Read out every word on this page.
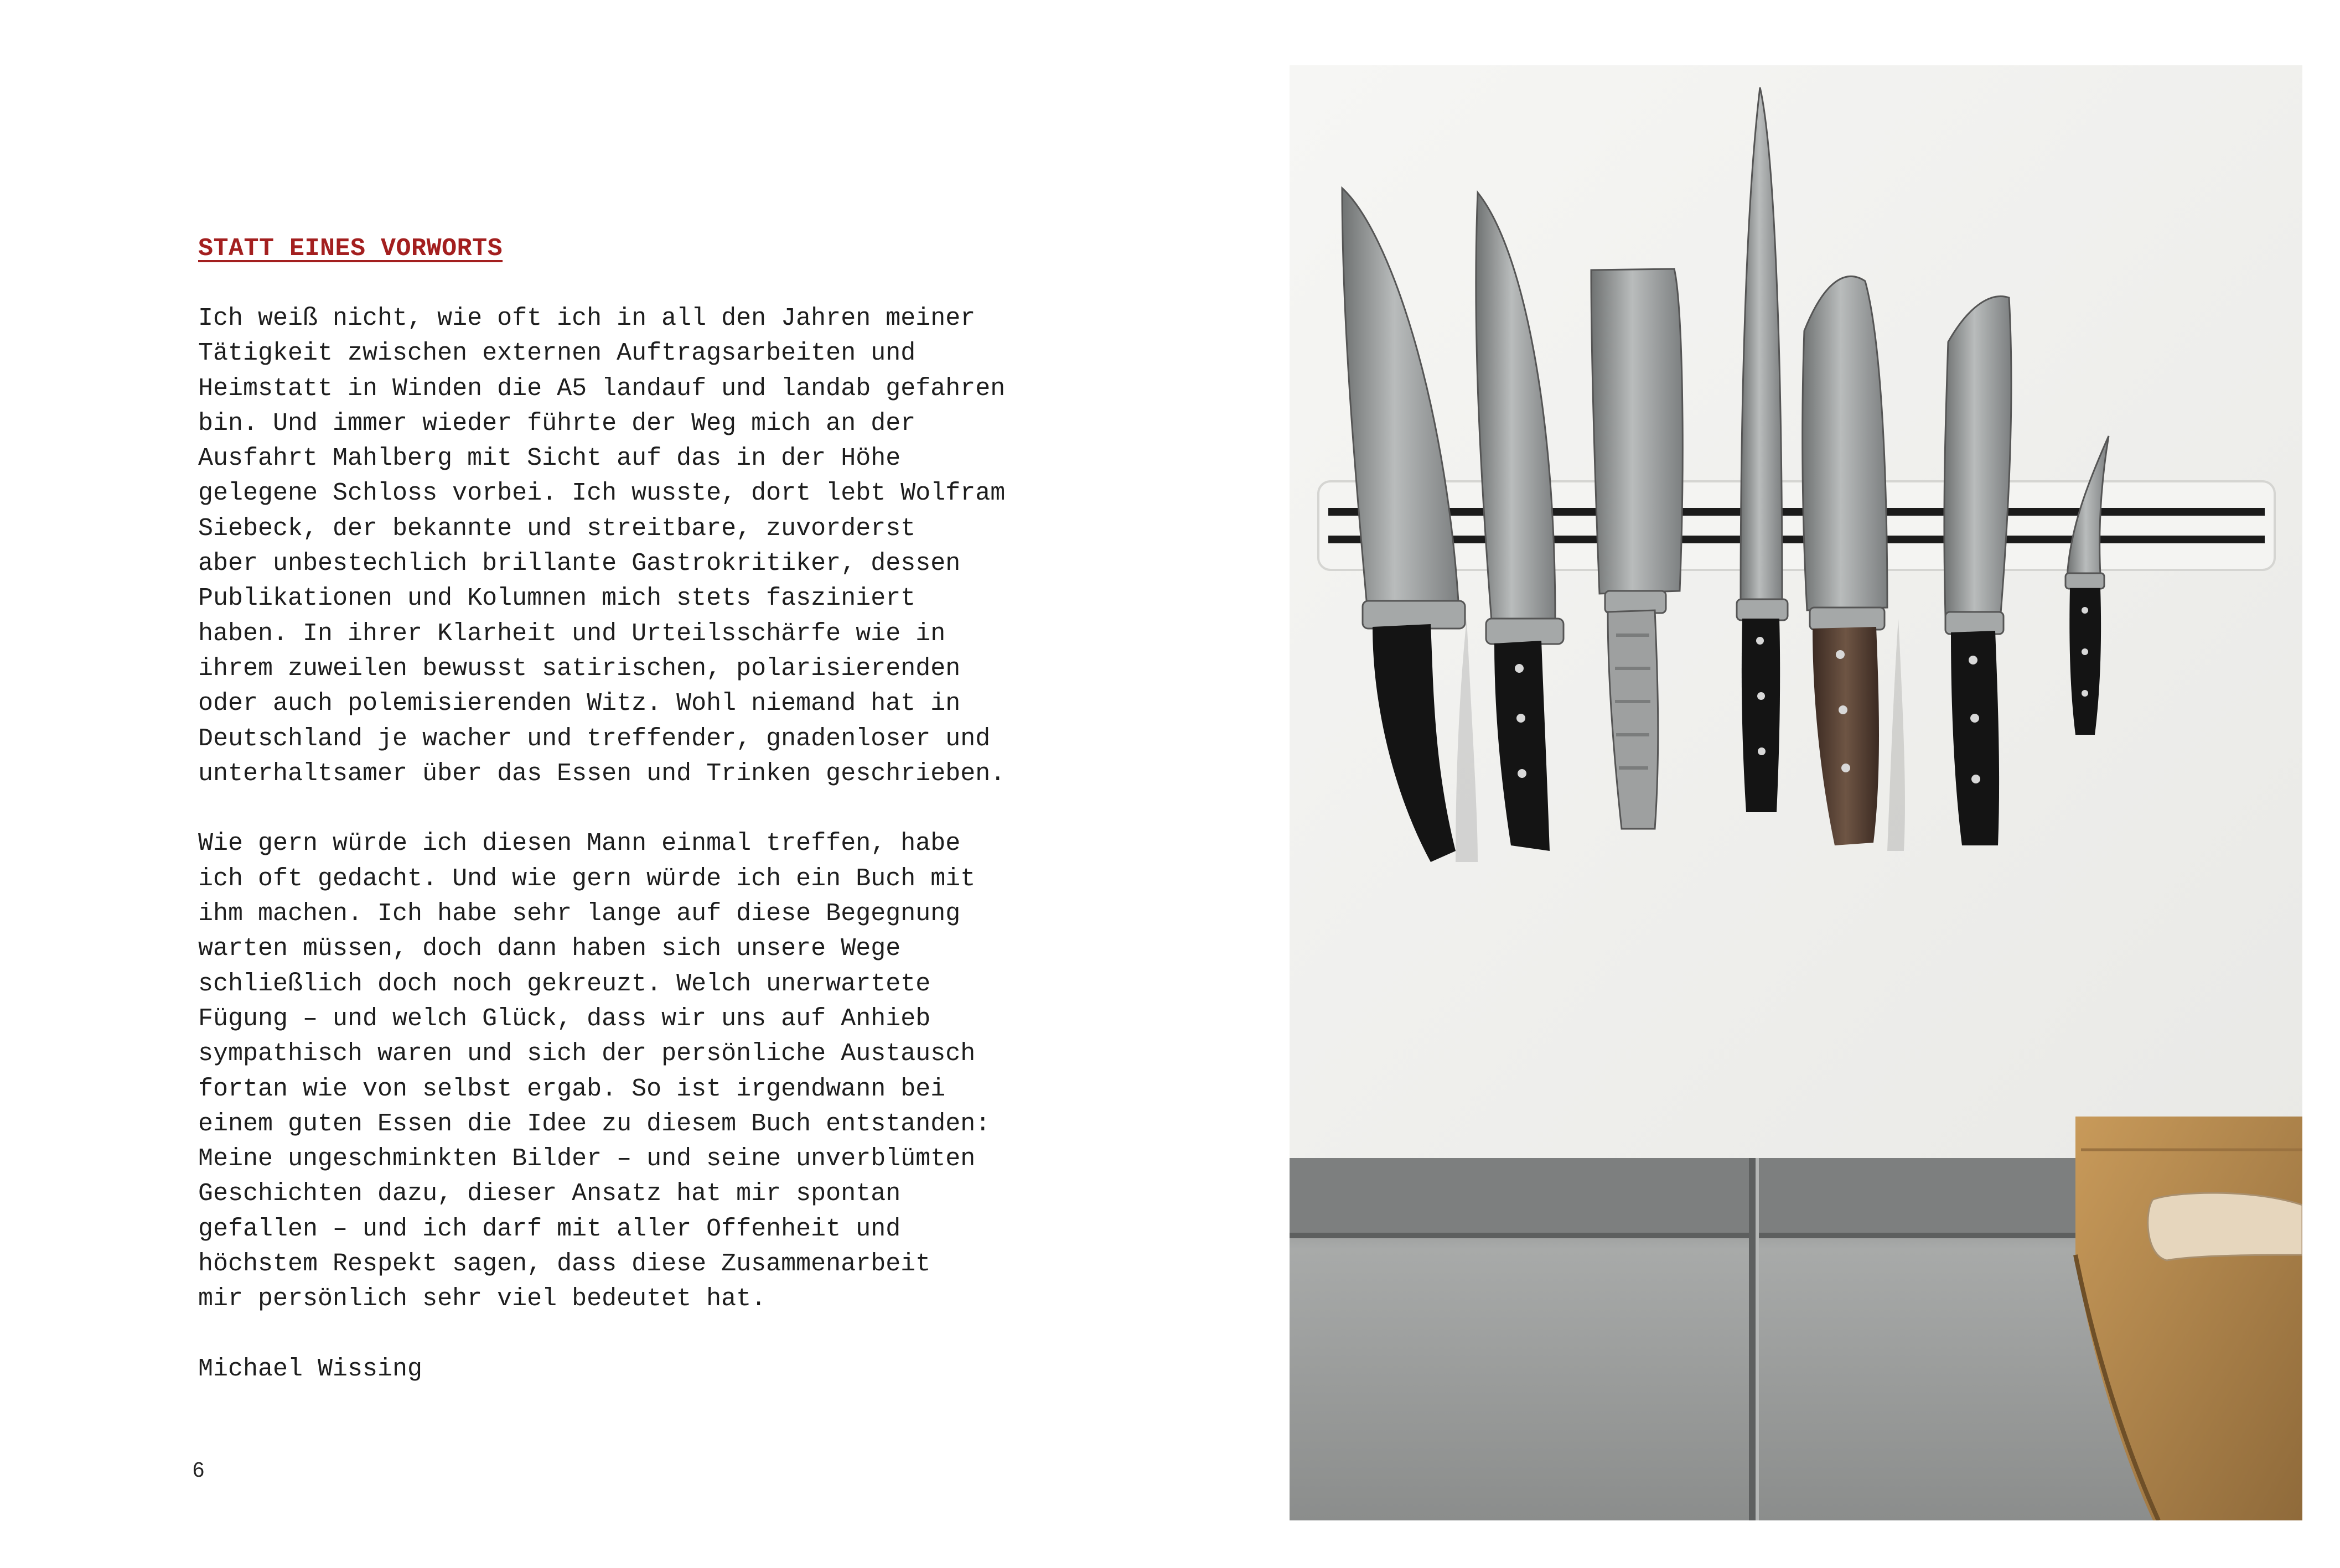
STATT EINES VORWORTS
Ich weiß nicht, wie oft ich in all den Jahren meiner
Tätigkeit zwischen externen Auftragsarbeiten und
Heimstatt in Winden die A5 landauf und landab gefahren
bin. Und immer wieder führte der Weg mich an der
Ausfahrt Mahlberg mit Sicht auf das in der Höhe
gelegene Schloss vorbei. Ich wusste, dort lebt Wolfram
Siebeck, der bekannte und streitbare, zuvorderst
aber unbestechlich brillante Gastrokritiker, dessen
Publikationen und Kolumnen mich stets fasziniert
haben. In ihrer Klarheit und Urteilsschärfe wie in
ihrem zuweilen bewusst satirischen, polarisierenden
oder auch polemisierenden Witz. Wohl niemand hat in
Deutschland je wacher und treffender, gnadenloser und
unterhaltsamer über das Essen und Trinken geschrieben.
Wie gern würde ich diesen Mann einmal treffen, habe
ich oft gedacht. Und wie gern würde ich ein Buch mit
ihm machen. Ich habe sehr lange auf diese Begegnung
warten müssen, doch dann haben sich unsere Wege
schließlich doch noch gekreuzt. Welch unerwartete
Fügung – und welch Glück, dass wir uns auf Anhieb
sympathisch waren und sich der persönliche Austausch
fortan wie von selbst ergab. So ist irgendwann bei
einem guten Essen die Idee zu diesem Buch entstanden:
Meine ungeschminkten Bilder – und seine unverblümten
Geschichten dazu, dieser Ansatz hat mir spontan
gefallen – und ich darf mit aller Offenheit und
höchstem Respekt sagen, dass diese Zusammenarbeit
mir persönlich sehr viel bedeutet hat.
Michael Wissing
6
